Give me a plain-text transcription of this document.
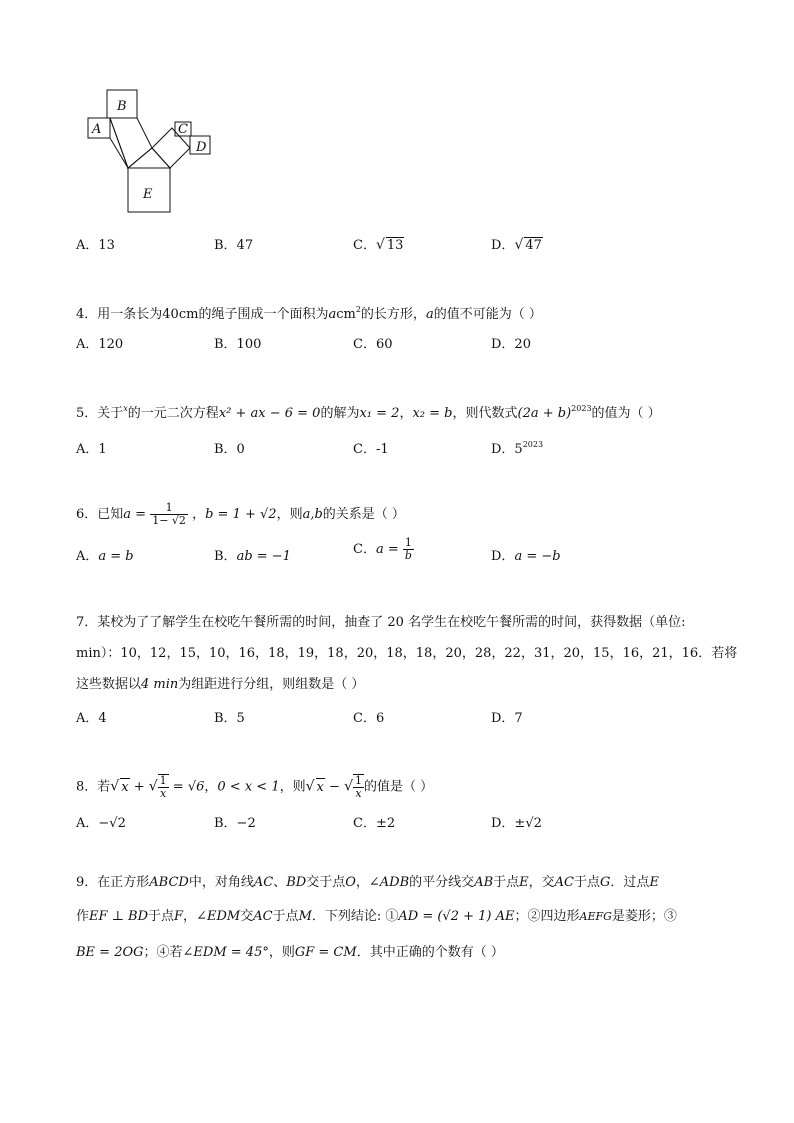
B
A	C
D
E
A．13	B．47	C．√ 13	D．√ 47
4．用一条长为40cm的绳子围成一个面积为acm$^2$的长方形，a的值不可能为（ ）
A．120	B．100	C．60	D．20
5．关于$^x$的一元二次方程x² + ax − 6 = 0的解为x₁ = 2，x₂ = b，则代数式$(2a + b)^{2023}$的值为（ ）
A．1	B．0	C．-1	D．$5^{2023}$
6．已知$a = \frac{1}{1- √2}$ ，b = 1 + √2，则a,b的关系是（ ）
A．a = b	B．ab = −1	C．$a = \frac{1}{b}$	D．a = −b
7．某校为了了解学生在校吃午餐所需的时间，抽查了 20 名学生在校吃午餐所需的时间，获得数据（单位:
min）：10，12，15，10，16，18，19，18，20，18，18，20，28，22，31，20，15，16，21，16．若将
这些数据以4 min为组距进行分组，则组数是（ ）
A．4	B．5	C．6	D．7
8．若√ x + √ $\frac{1}{x} = √6$，0 < x < 1，则√ x − √ $\frac{1}{x}$ 的值是（ ）
A．−√2	B．−2	C．±2	D．±√2
9．在正方形ABCD中，对角线AC、BD交于点O，∠ADB的平分线交AB于点E，交AC于点G．过点E
作EF ⊥ BD于点F，∠EDM交AC于点M．下列结论: ①AD = (√2 + 1) AE；②四边形AEFG是菱形；③
BE = 2OG；④若∠EDM = 45°，则GF = CM．其中正确的个数有（ ）
